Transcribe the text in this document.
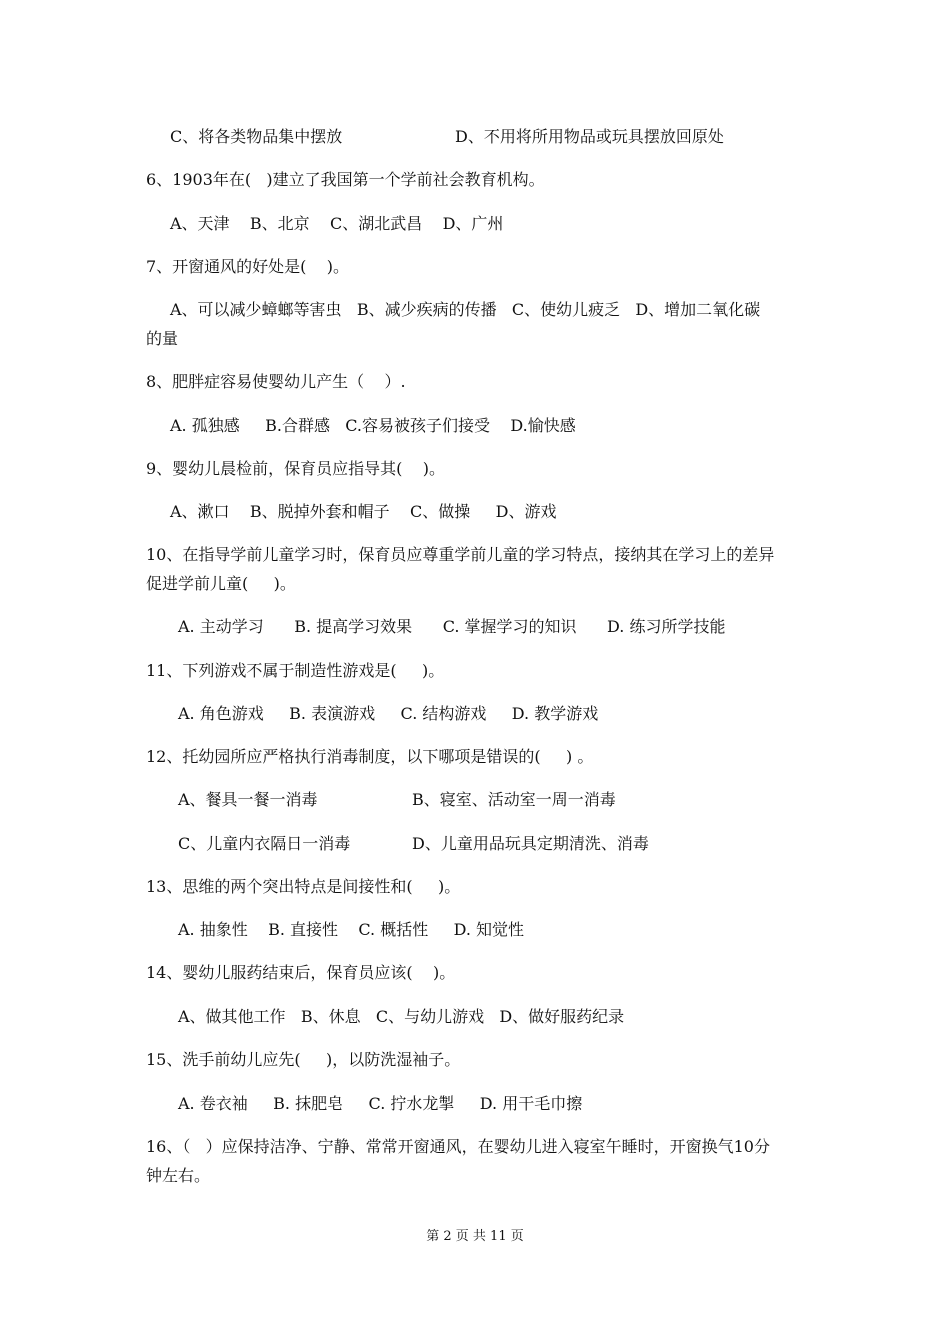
C、将各类物品集中摆放	D、不用将所用物品或玩具摆放回原处
6、1903年在(   )建立了我国第一个学前社会教育机构。
A、天津    B、北京    C、湖北武昌    D、广州
7、开窗通风的好处是(    )。
A、可以减少蟑螂等害虫   B、减少疾病的传播   C、使幼儿疲乏   D、增加二氧化碳
的量
8、肥胖症容易使婴幼儿产生（    ）.
A. 孤独感     B.合群感   C.容易被孩子们接受    D.愉快感
9、婴幼儿晨检前，保育员应指导其(    )。
A、漱口    B、脱掉外套和帽子    C、做操     D、游戏
10、在指导学前儿童学习时，保育员应尊重学前儿童的学习特点，接纳其在学习上的差异
促进学前儿童(     )。
A. 主动学习      B. 提高学习效果      C. 掌握学习的知识      D. 练习所学技能
11、下列游戏不属于制造性游戏是(     )。
A. 角色游戏     B. 表演游戏     C. 结构游戏     D. 教学游戏
12、托幼园所应严格执行消毒制度，以下哪项是错误的(     ) 。
A、餐具一餐一消毒	B、寝室、活动室一周一消毒
C、儿童内衣隔日一消毒	D、儿童用品玩具定期清洗、消毒
13、思维的两个突出特点是间接性和(     )。
A. 抽象性    B. 直接性    C. 概括性     D. 知觉性
14、婴幼儿服药结束后，保育员应该(    )。
A、做其他工作   B、休息   C、与幼儿游戏   D、做好服药纪录
15、洗手前幼儿应先(     )，以防洗湿袖子。
A. 卷衣袖     B. 抹肥皂     C. 拧水龙掣     D. 用干毛巾擦
16、（   ）应保持洁净、宁静、常常开窗通风，在婴幼儿进入寝室午睡时，开窗换气10分
钟左右。
第 2 页 共 11 页
